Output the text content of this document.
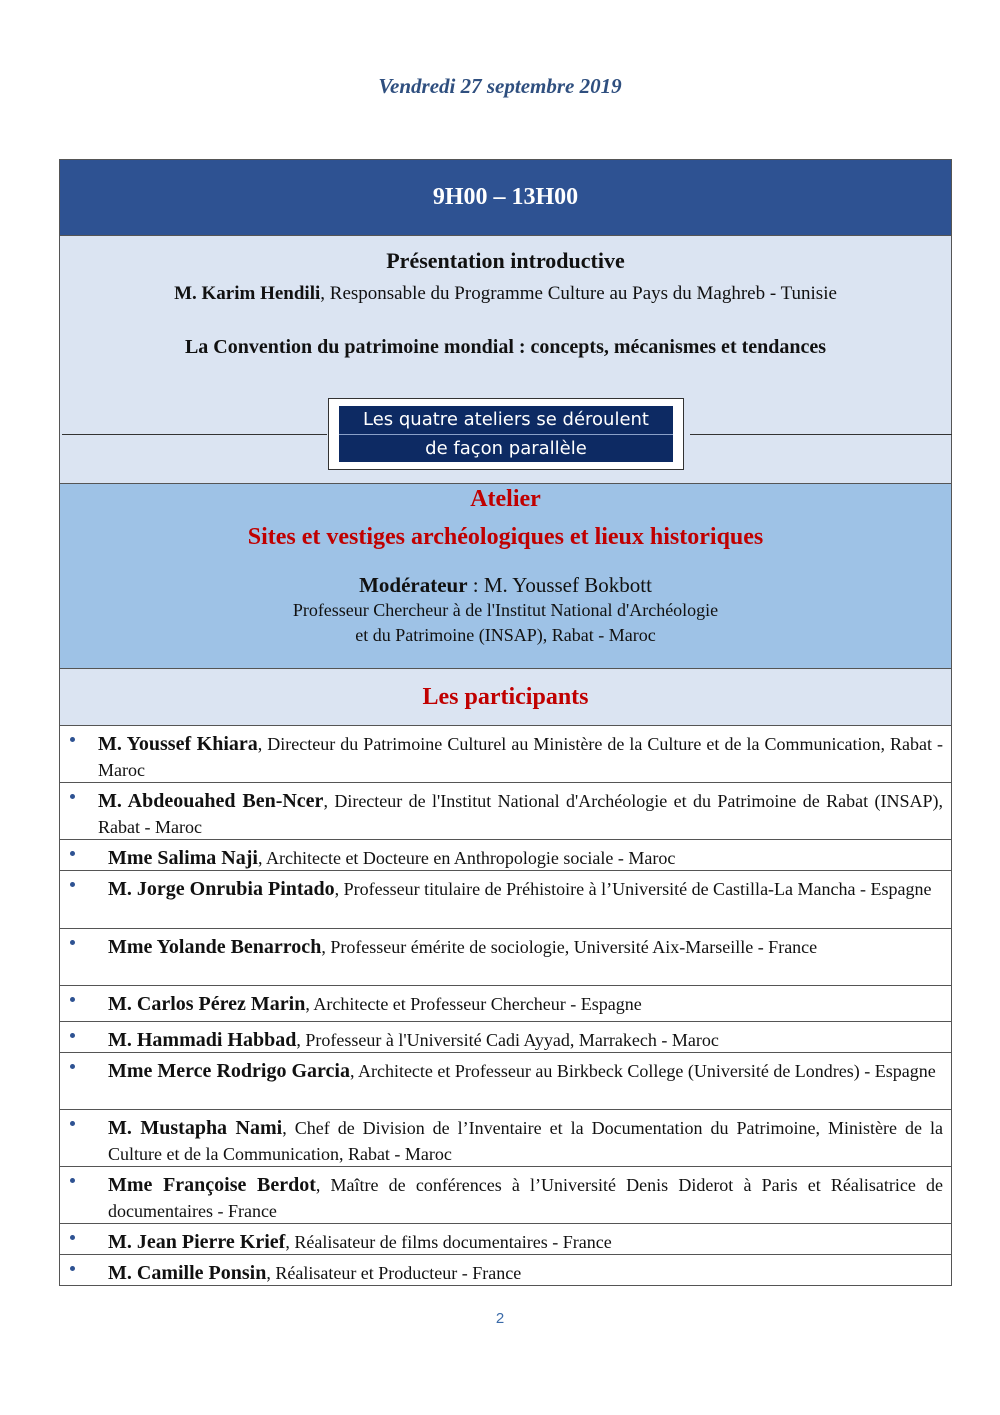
Vendredi 27 septembre 2019
9H00 – 13H00
Présentation introductive
M. Karim Hendili, Responsable du Programme Culture au Pays du Maghreb - Tunisie
La Convention du patrimoine mondial : concepts, mécanismes et tendances
Les quatre ateliers se déroulent
de façon parallèle
Atelier
Sites et vestiges archéologiques et lieux historiques
Modérateur : M. Youssef Bokbott
Professeur Chercheur à de l'Institut National d'Archéologie
et du Patrimoine (INSAP), Rabat - Maroc
Les participants
M. Youssef Khiara, Directeur du Patrimoine Culturel au Ministère de la Culture et de la Communication, Rabat - Maroc
M. Abdeouahed Ben-Ncer, Directeur de l'Institut National d'Archéologie et du Patrimoine de Rabat (INSAP), Rabat - Maroc
Mme Salima Naji, Architecte et Docteure en Anthropologie sociale - Maroc
M. Jorge Onrubia Pintado, Professeur titulaire de Préhistoire à l’Université de Castilla-La Mancha - Espagne
Mme Yolande Benarroch, Professeur émérite de sociologie, Université Aix-Marseille - France
M. Carlos Pérez Marin, Architecte et Professeur Chercheur - Espagne
M. Hammadi Habbad, Professeur à l'Université Cadi Ayyad, Marrakech - Maroc
Mme Merce Rodrigo Garcia, Architecte et Professeur au Birkbeck College (Université de Londres) - Espagne
M. Mustapha Nami, Chef de Division de l’Inventaire et la Documentation du Patrimoine, Ministère de la Culture et de la Communication, Rabat - Maroc
Mme Françoise Berdot, Maître de conférences à l’Université Denis Diderot à Paris et Réalisatrice de documentaires - France
M. Jean Pierre Krief, Réalisateur de films documentaires - France
M. Camille Ponsin, Réalisateur et Producteur - France
2
